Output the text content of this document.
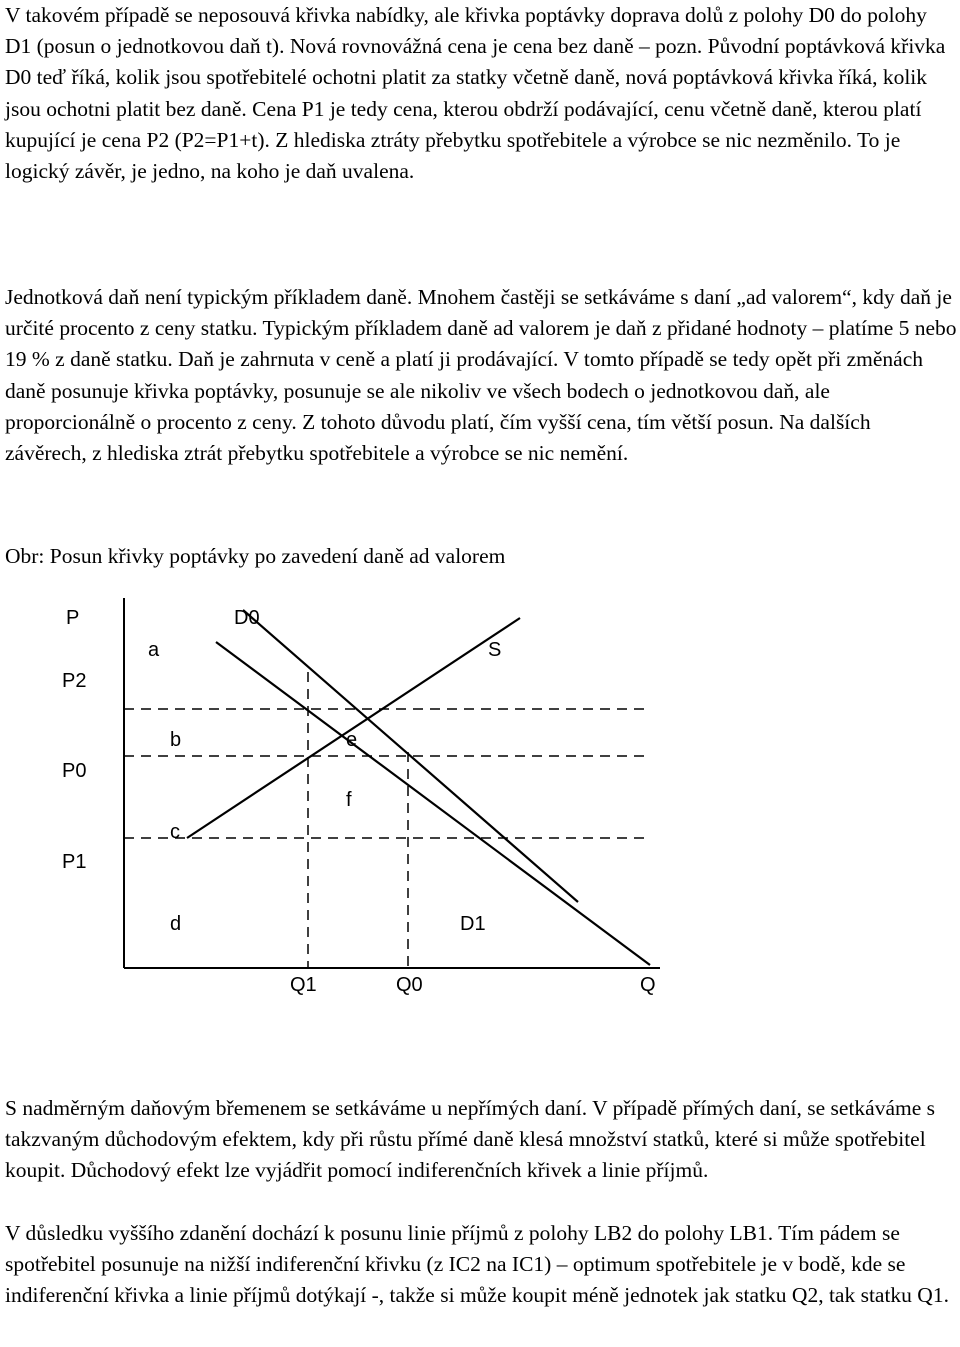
V takovém případě se neposouvá křivka nabídky, ale křivka poptávky doprava dolů z polohy D0 do polohy D1 (posun o jednotkovou daň t). Nová rovnovážná cena je cena bez daně – pozn. Původní poptávková křivka D0 teď říká, kolik jsou spotřebitelé ochotni platit za statky včetně daně, nová poptávková křivka říká, kolik jsou ochotni platit bez daně. Cena P1 je tedy cena, kterou obdrží podávající, cenu včetně daně, kterou platí kupující je cena P2 (P2=P1+t). Z hlediska ztráty přebytku spotřebitele a výrobce se nic nezměnilo. To je logický závěr, je jedno, na koho je daň uvalena.

Jednotková daň není typickým příkladem daně. Mnohem častěji se setkáváme s daní „ad valorem“, kdy daň je určité procento z ceny statku. Typickým příkladem daně ad valorem je daň z přidané hodnoty – platíme 5 nebo 19 % z daně statku. Daň je zahrnuta v ceně a platí ji prodávající. V tomto případě se tedy opět při změnách daně posunuje křivka poptávky, posunuje se ale nikoliv ve všech bodech o jednotkovou daň, ale proporcionálně o procento z ceny. Z tohoto důvodu platí, čím vyšší cena, tím větší posun. Na dalších závěrech, z hlediska ztrát přebytku spotřebitele a výrobce se nic nemění.

Obr: Posun křivky poptávky po zavedení daně ad valorem

P
Q
P2
P0
P1
Q1	Q0
D0
S
D1
a
b
c
d
e
f

S nadměrným daňovým břemenem se setkáváme u nepřímých daní. V případě přímých daní, se setkáváme s takzvaným důchodovým efektem, kdy při růstu přímé daně klesá množství statků, které si může spotřebitel koupit. Důchodový efekt lze vyjádřit pomocí indiferenčních křivek a linie příjmů.

V důsledku vyššího zdanění dochází k posunu linie příjmů z polohy LB2 do polohy LB1. Tím pádem se spotřebitel posunuje na nižší indiferenční křivku (z IC2 na IC1) – optimum spotřebitele je v bodě, kde se indiferenční křivka a linie příjmů dotýkají -, takže si může koupit méně jednotek jak statku Q2, tak statku Q1.
